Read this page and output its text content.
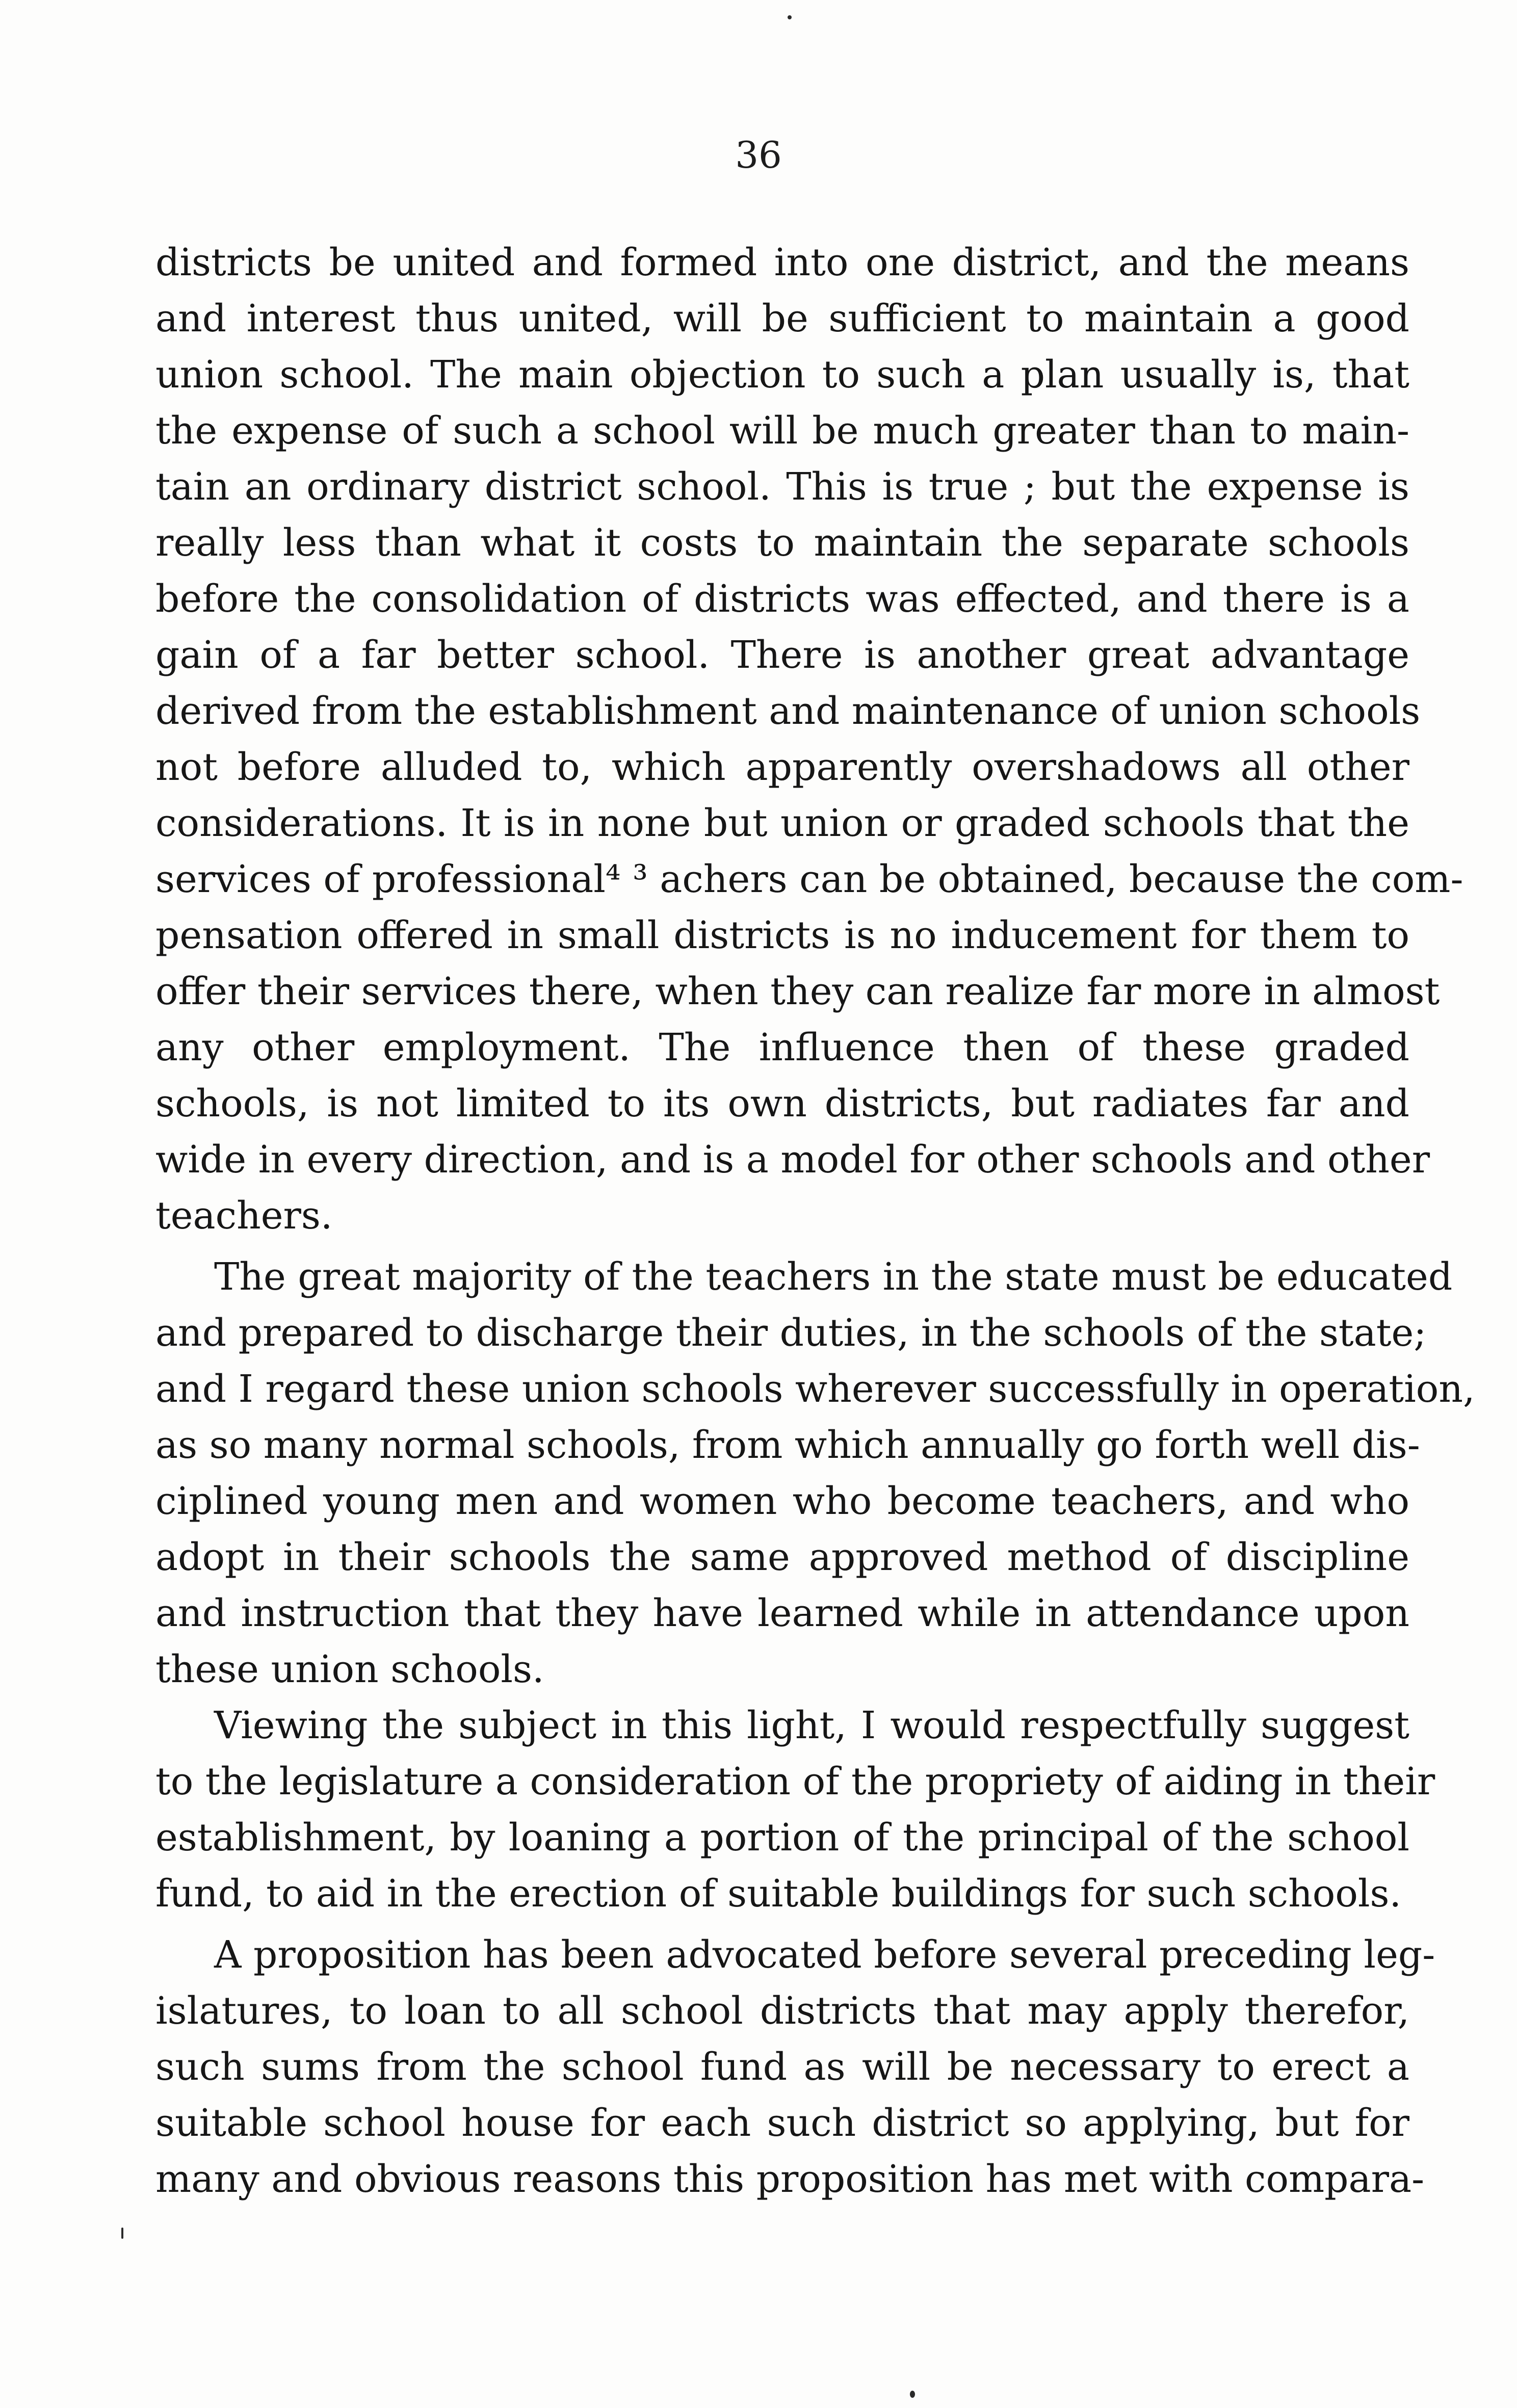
36
districts be united and formed into one district, and the means
and interest thus united, will be sufficient to maintain a good
union school. The main objection to such a plan usually is, that
the expense of such a school will be much greater than to main-
tain an ordinary district school. This is true ; but the expense is
really less than what it costs to maintain the separate schools
before the consolidation of districts was effected, and there is a
gain of a far better school. There is another great advantage
derived from the establishment and maintenance of union schools
not before alluded to, which apparently overshadows all other
considerations. It is in none but union or graded schools that the
services of professional⁴ ³ achers can be obtained, because the com-
pensation offered in small districts is no inducement for them to
offer their services there, when they can realize far more in almost
any other employment. The influence then of these graded
schools, is not limited to its own districts, but radiates far and
wide in every direction, and is a model for other schools and other
teachers.
The great majority of the teachers in the state must be educated
and prepared to discharge their duties, in the schools of the state;
and I regard these union schools wherever successfully in operation,
as so many normal schools, from which annually go forth well dis-
ciplined young men and women who become teachers, and who
adopt in their schools the same approved method of discipline
and instruction that they have learned while in attendance upon
these union schools.
Viewing the subject in this light, I would respectfully suggest
to the legislature a consideration of the propriety of aiding in their
establishment, by loaning a portion of the principal of the school
fund, to aid in the erection of suitable buildings for such schools.
A proposition has been advocated before several preceding leg-
islatures, to loan to all school districts that may apply therefor,
such sums from the school fund as will be necessary to erect a
suitable school house for each such district so applying, but for
many and obvious reasons this proposition has met with compara-
